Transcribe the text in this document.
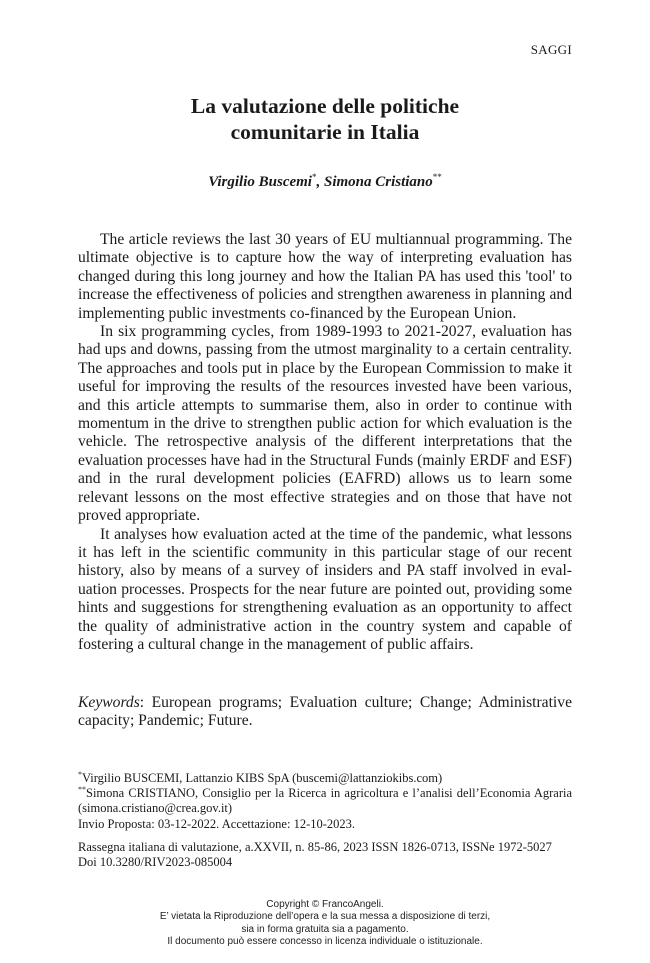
SAGGI
La valutazione delle politiche
comunitarie in Italia
Virgilio Buscemi*, Simona Cristiano**

The article reviews the last 30 years of EU multiannual programming. The ultimate objective is to capture how the way of interpreting evaluation has changed during this long journey and how the Italian PA has used this 'tool' to increase the effectiveness of policies and strengthen awareness in planning and implementing public investments co-financed by the European Union.

In six programming cycles, from 1989-1993 to 2021-2027, evaluation has had ups and downs, passing from the utmost marginality to a certain centrality. The approaches and tools put in place by the European Commission to make it useful for improving the results of the resources invested have been various, and this article attempts to summarise them, also in order to continue with momentum in the drive to strengthen public action for which evaluation is the vehicle. The retrospective analysis of the different interpretations that the evaluation processes have had in the Structural Funds (mainly ERDF and ESF) and in the rural development policies (EAFRD) allows us to learn some relevant lessons on the most effective strategies and on those that have not proved appropriate.

It analyses how evaluation acted at the time of the pandemic, what lessons it has left in the scientific community in this particular stage of our recent history, also by means of a survey of insiders and PA staff involved in evaluation processes. Prospects for the near future are pointed out, providing some hints and suggestions for strengthening evaluation as an opportunity to affect the quality of administrative action in the country system and capable of fostering a cultural change in the management of public affairs.

Keywords: European programs; Evaluation culture; Change; Administrative capacity; Pandemic; Future.

*Virgilio BUSCEMI, Lattanzio KIBS SpA (buscemi@lattanziokibs.com)

**Simona CRISTIANO, Consiglio per la Ricerca in agricoltura e l’analisi dell’Economia Agraria (simona.cristiano@crea.gov.it)

Invio Proposta: 03-12-2022. Accettazione: 12-10-2023.

Rassegna italiana di valutazione, a.XXVII, n. 85-86, 2023 ISSN 1826-0713, ISSNe 1972-5027

Doi 10.3280/RIV2023-085004

Copyright © FrancoAngeli.
E’ vietata la Riproduzione dell’opera e la sua messa a disposizione di terzi,
sia in forma gratuita sia a pagamento.
Il documento può essere concesso in licenza individuale o istituzionale.
